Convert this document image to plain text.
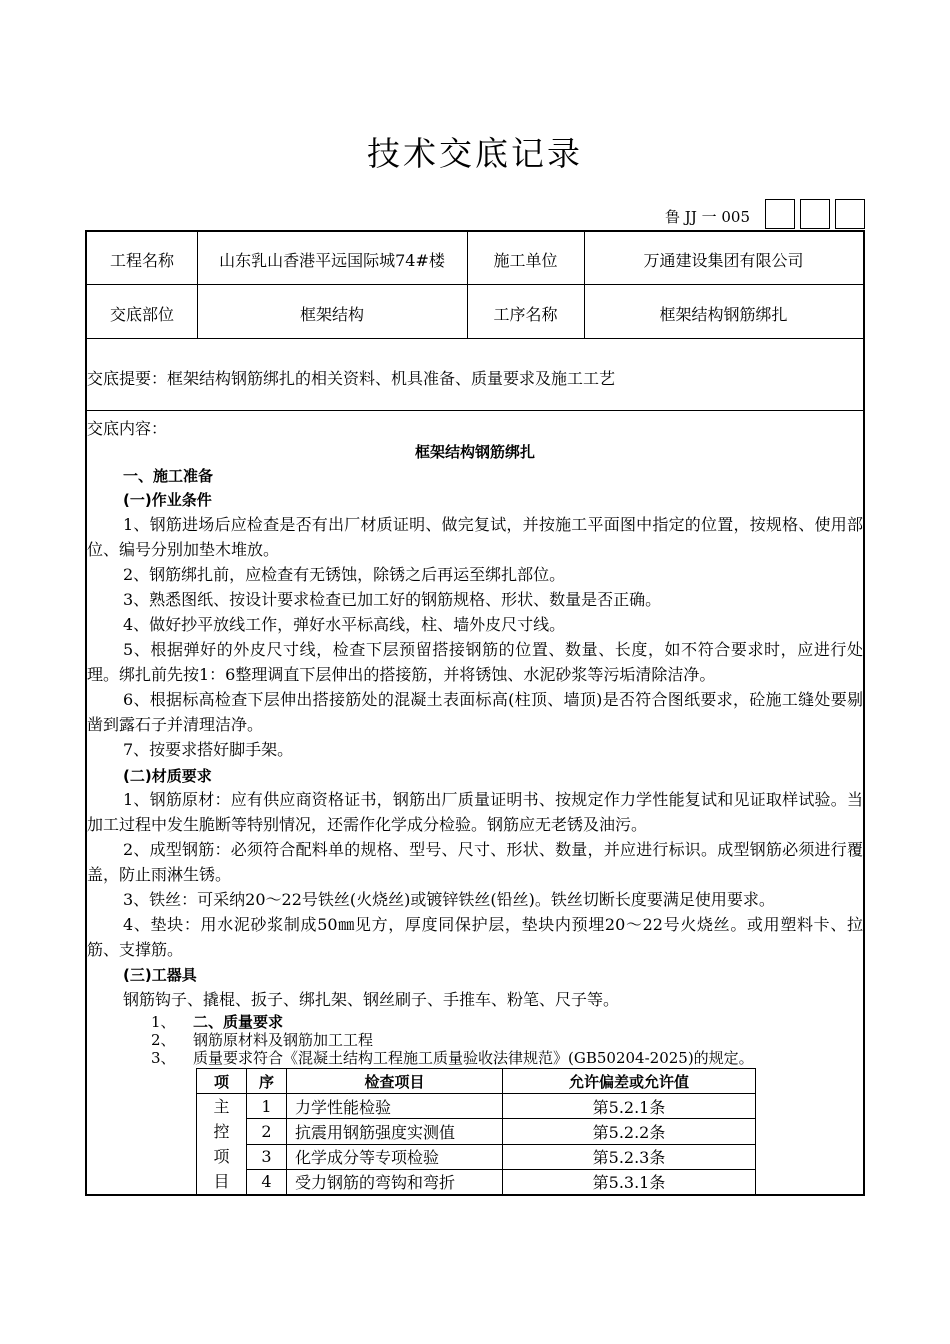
技术交底记录
鲁 JJ 一 005
工程名称	山东乳山香港平远国际城74#楼	施工单位	万通建设集团有限公司
交底部位	框架结构	工序名称	框架结构钢筋绑扎
交底提要：框架结构钢筋绑扎的相关资料、机具准备、质量要求及施工工艺
交底内容：
框架结构钢筋绑扎
一、施工准备
(一)作业条件
1、钢筋进场后应检查是否有出厂材质证明、做完复试，并按施工平面图中指定的位置，按规格、使用部位、编号分别加垫木堆放。
2、钢筋绑扎前，应检查有无锈蚀，除锈之后再运至绑扎部位。
3、熟悉图纸、按设计要求检查已加工好的钢筋规格、形状、数量是否正确。
4、做好抄平放线工作，弹好水平标高线，柱、墙外皮尺寸线。
5、根据弹好的外皮尺寸线，检查下层预留搭接钢筋的位置、数量、长度，如不符合要求时，应进行处理。绑扎前先按1：6整理调直下层伸出的搭接筋，并将锈蚀、水泥砂浆等污垢清除洁净。
6、根据标高检查下层伸出搭接筋处的混凝土表面标高(柱顶、墙顶)是否符合图纸要求，砼施工缝处要剔凿到露石子并清理洁净。
7、按要求搭好脚手架。
(二)材质要求
1、钢筋原材：应有供应商资格证书，钢筋出厂质量证明书、按规定作力学性能复试和见证取样试验。当加工过程中发生脆断等特别情况，还需作化学成分检验。钢筋应无老锈及油污。
2、成型钢筋：必须符合配料单的规格、型号、尺寸、形状、数量，并应进行标识。成型钢筋必须进行覆盖，防止雨淋生锈。
3、铁丝：可采纳20～22号铁丝(火烧丝)或镀锌铁丝(铅丝)。铁丝切断长度要满足使用要求。
4、垫块：用水泥砂浆制成50㎜见方，厚度同保护层，垫块内预埋20～22号火烧丝。或用塑料卡、拉筋、支撑筋。
(三)工器具
钢筋钩子、撬棍、扳子、绑扎架、钢丝刷子、手推车、粉笔、尺子等。
1、 二、质量要求
2、 钢筋原材料及钢筋加工工程
3、 质量要求符合《混凝土结构工程施工质量验收法律规范》(GB50204-2025)的规定。
项	序	检查项目	允许偏差或允许值

主
控
项
目	1	力学性能检验	第5.2.1条
	2	抗震用钢筋强度实测值	第5.2.2条
	3	化学成分等专项检验	第5.2.3条
	4	受力钢筋的弯钩和弯折	第5.3.1条
